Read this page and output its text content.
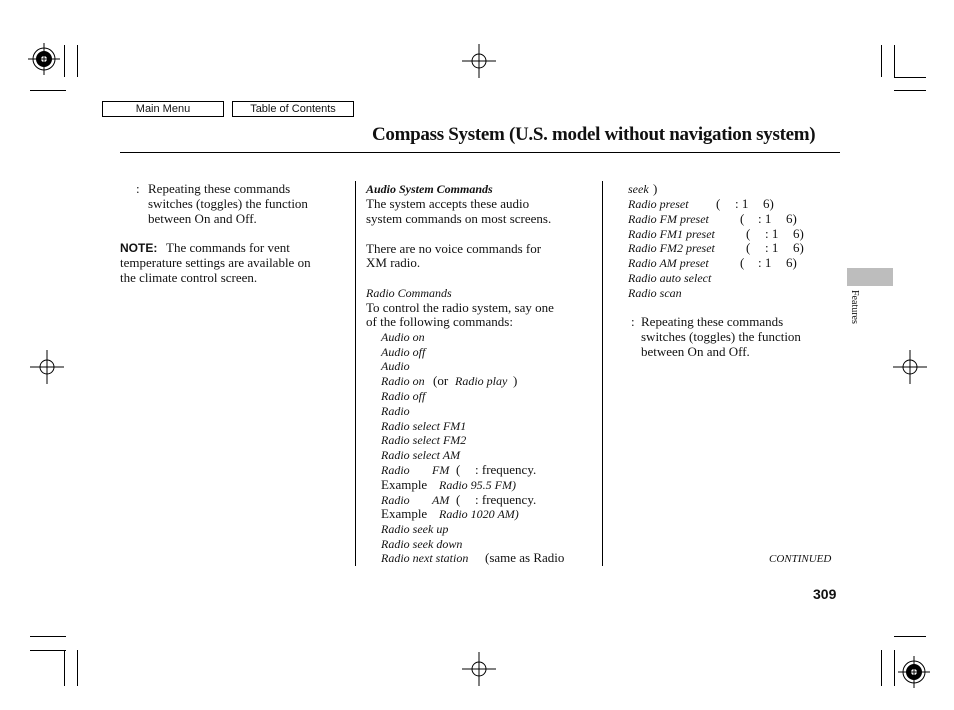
Main Menu	Table of Contents
Compass System (U.S. model without navigation system)
: Repeating these commands
switches (toggles) the function
between On and Off.
NOTE: The commands for vent
temperature settings are available on
the climate control screen.
Audio System Commands
The system accepts these audio
system commands on most screens.
There are no voice commands for
XM radio.
Radio Commands
To control the radio system, say one
of the following commands:
Audio on
Audio off
Audio
Radio on (or Radio play )
Radio off
Radio
Radio select FM1
Radio select FM2
Radio select AM
Radio FM ( : frequency.
Example Radio 95.5 FM)
Radio AM ( : frequency.
Example Radio 1020 AM)
Radio seek up
Radio seek down
Radio next station (same as Radio
seek )
Radio preset ( : 1 6)
Radio FM preset ( : 1 6)
Radio FM1 preset ( : 1 6)
Radio FM2 preset ( : 1 6)
Radio AM preset ( : 1 6)
Radio auto select
Radio scan
: Repeating these commands
switches (toggles) the function
between On and Off.
Features
CONTINUED
309
